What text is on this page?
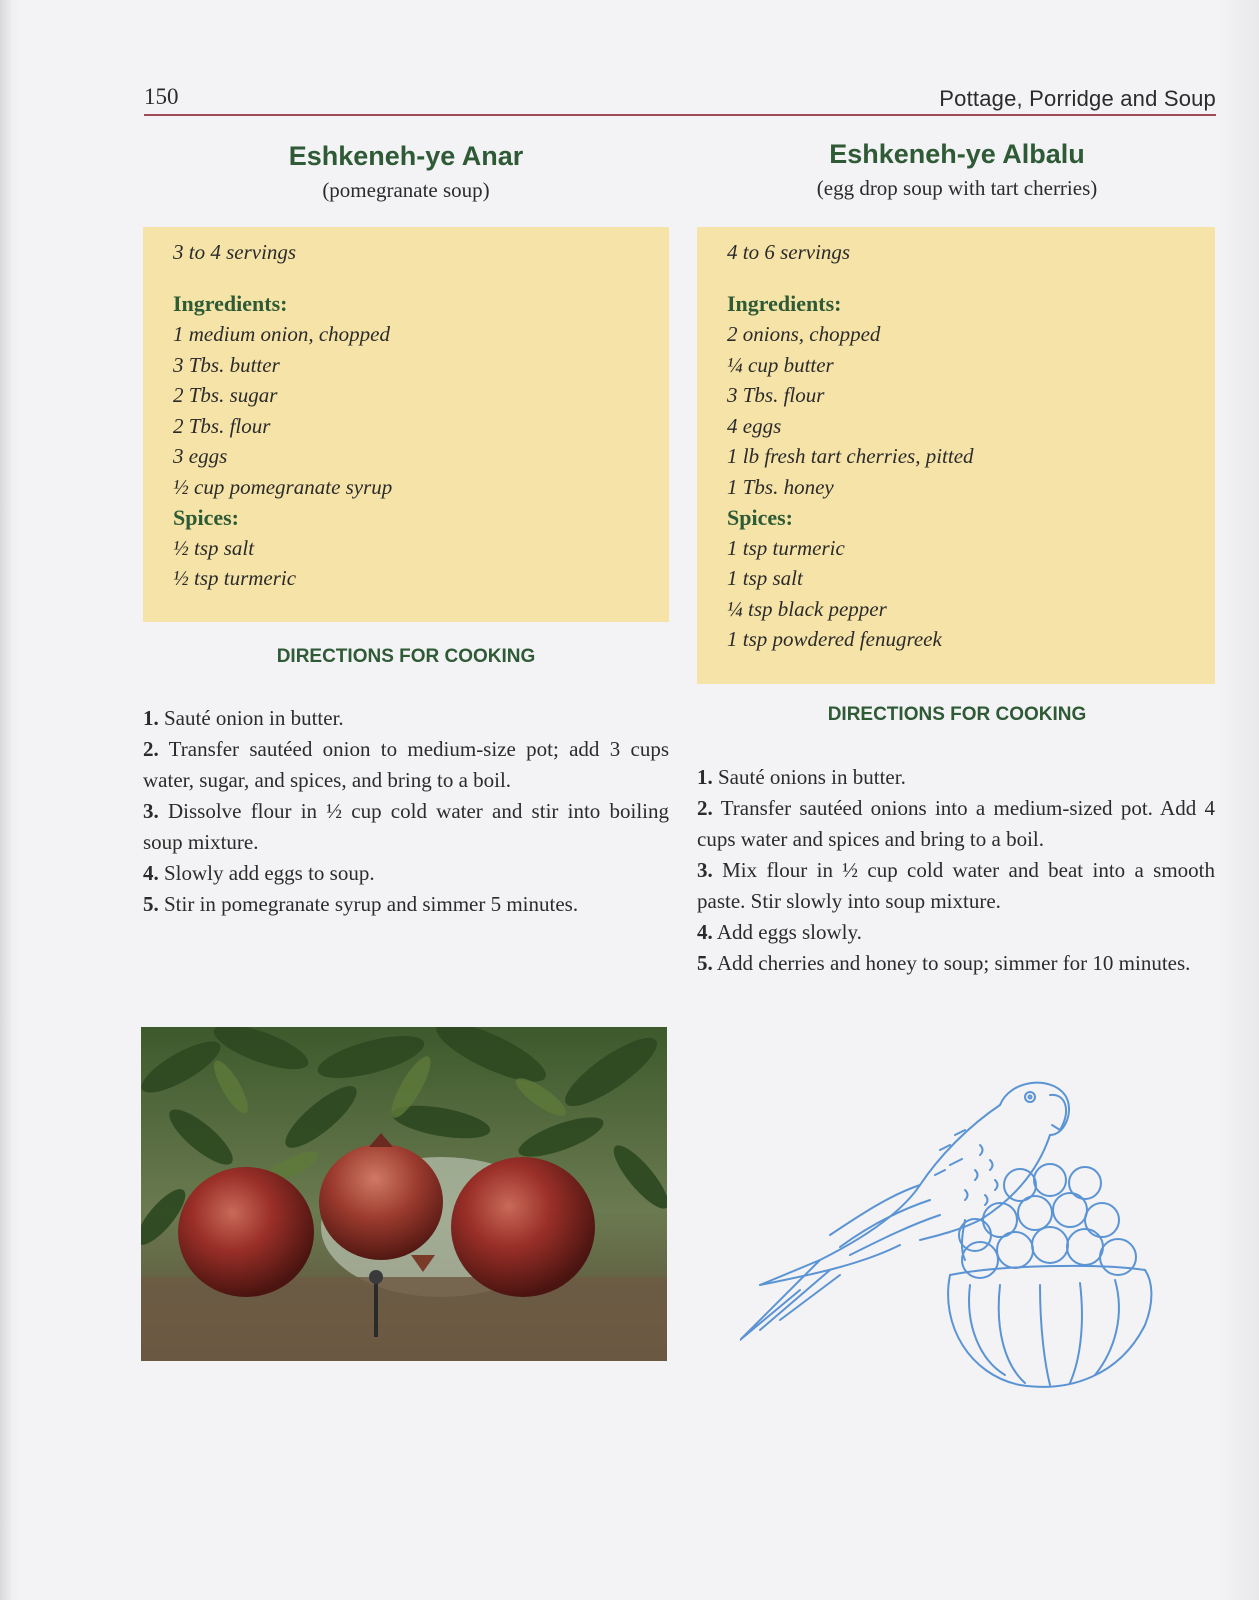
150	Pottage, Porridge and Soup
Eshkeneh-ye Anar
(pomegranate soup)
3 to 4 servings
Ingredients:
1 medium onion, chopped
3 Tbs. butter
2 Tbs. sugar
2 Tbs. flour
3 eggs
½ cup pomegranate syrup
Spices:
½ tsp salt
½ tsp turmeric
DIRECTIONS FOR COOKING

1. Sauté onion in butter.

2. Transfer sautéed onion to medium-size pot; add 3 cups water, sugar, and spices, and bring to a boil.

3. Dissolve flour in ½ cup cold water and stir into boiling soup mixture.

4. Slowly add eggs to soup.

5. Stir in pomegranate syrup and simmer 5 minutes.

Eshkeneh-ye Albalu
(egg drop soup with tart cherries)
4 to 6 servings
Ingredients:
2 onions, chopped
¼ cup butter
3 Tbs. flour
4 eggs
1 lb fresh tart cherries, pitted
1 Tbs. honey
Spices:
1 tsp turmeric
1 tsp salt
¼ tsp black pepper
1 tsp powdered fenugreek
DIRECTIONS FOR COOKING

1. Sauté onions in butter.

2. Transfer sautéed onions into a medium-sized pot. Add 4 cups water and spices and bring to a boil.

3. Mix flour in ½ cup cold water and beat into a smooth paste. Stir slowly into soup mixture.

4. Add eggs slowly.

5. Add cherries and honey to soup; simmer for 10 minutes.
